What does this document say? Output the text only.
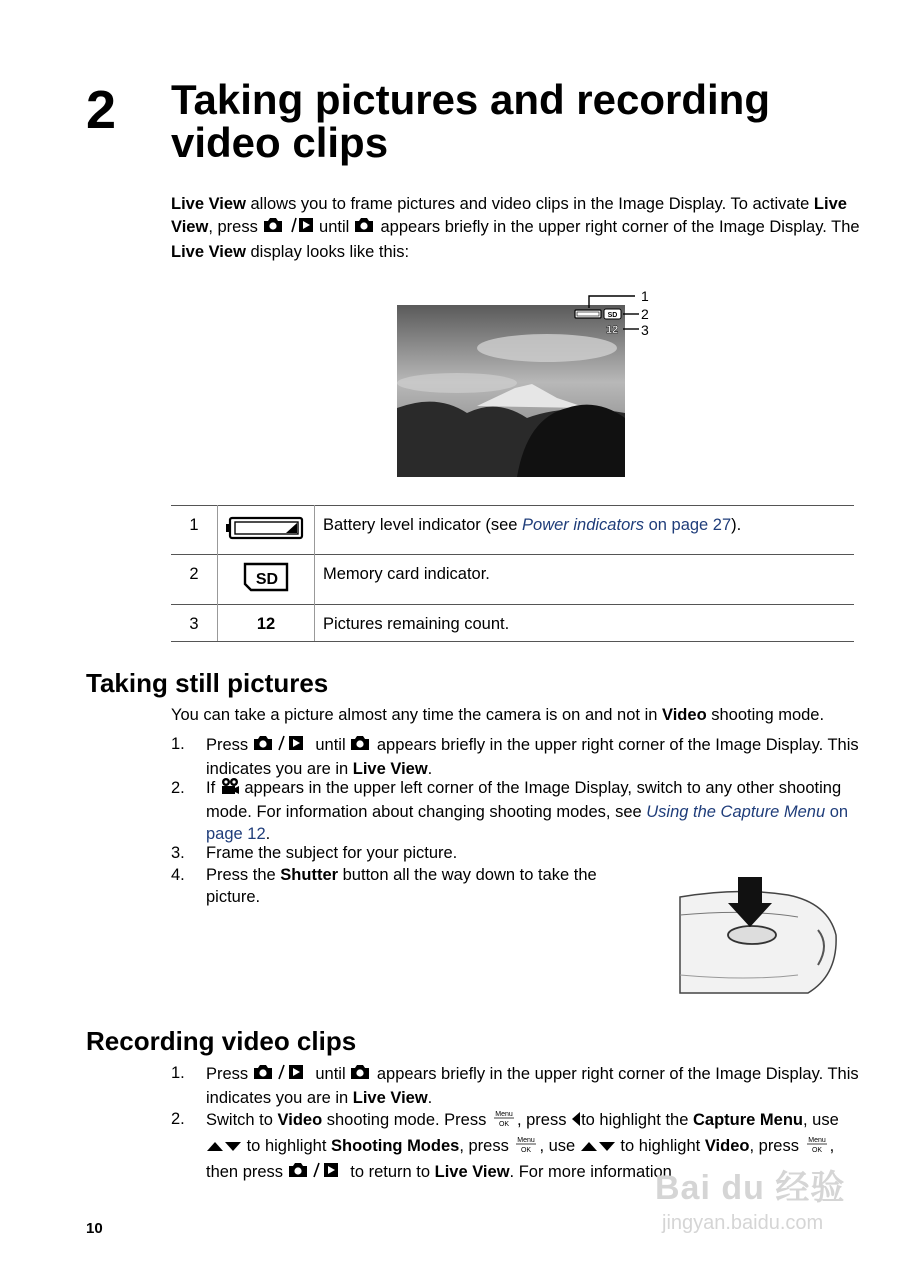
2 Taking pictures and recording video clips
Live View allows you to frame pictures and video clips in the Image Display. To activate Live View, press	until appears briefly in the upper right corner of the Image Display. The Live View display looks like this:
SD
12
1
2
3
1		Battery level indicator (see Power indicators on page 27).
2	SD	Memory card indicator.
3	12	Pictures remaining count.
Taking still pictures
You can take a picture almost any time the camera is on and not in Video shooting mode.
1. Press	until appears briefly in the upper right corner of the Image Display. This indicates you are in Live View.
2. If appears in the upper left corner of the Image Display, switch to any other shooting mode. For information about changing shooting modes, see Using the Capture Menu on page 12.
3. Frame the subject for your picture.
4. Press the Shutter button all the way down to take the picture.
Recording video clips
1. Press	until appears briefly in the upper right corner of the Image Display. This indicates you are in Live View.
2. Switch to Video shooting mode. Press Menu
OK , press to highlight the Capture Menu, use  to highlight Shooting Modes, press Menu
OK , use	to highlight Video, press Menu
OK , then press	to return to Live View. For more information
Bai du 经验
jingyan.baidu.com
10
